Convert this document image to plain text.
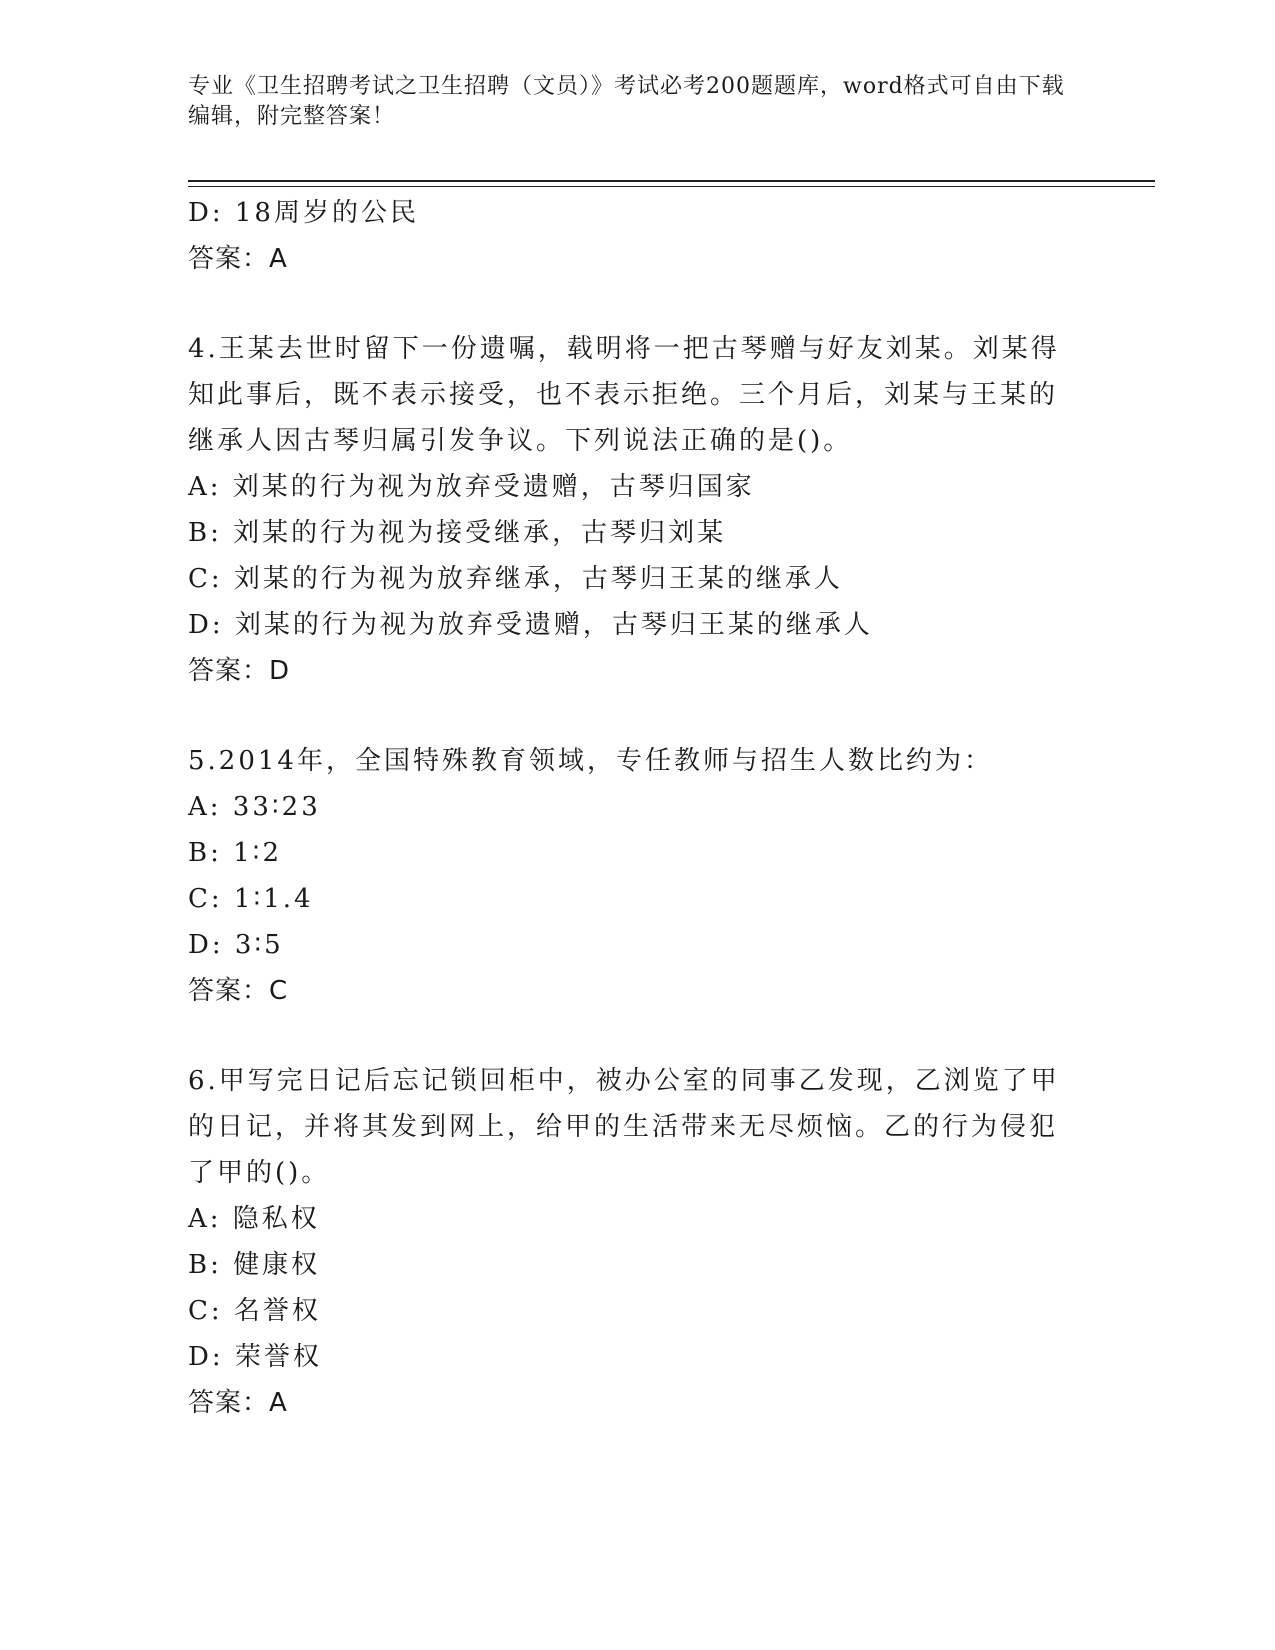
专业《卫生招聘考试之卫生招聘（文员）》考试必考200题题库，word格式可自由下载编辑，附完整答案！

D: 18周岁的公民
答案：A

4.王某去世时留下一份遗嘱，载明将一把古琴赠与好友刘某。刘某得知此事后，既不表示接受，也不表示拒绝。三个月后，刘某与王某的继承人因古琴归属引发争议。下列说法正确的是()。

A: 刘某的行为视为放弃受遗赠，古琴归国家
B: 刘某的行为视为接受继承，古琴归刘某
C: 刘某的行为视为放弃继承，古琴归王某的继承人
D: 刘某的行为视为放弃受遗赠，古琴归王某的继承人
答案：D

5.2014年，全国特殊教育领域，专任教师与招生人数比约为：

A: 33∶23
B: 1∶2
C: 1∶1.4
D: 3∶5
答案：C

6.甲写完日记后忘记锁回柜中，被办公室的同事乙发现，乙浏览了甲的日记，并将其发到网上，给甲的生活带来无尽烦恼。乙的行为侵犯了甲的()。

A: 隐私权
B: 健康权
C: 名誉权
D: 荣誉权
答案：A
